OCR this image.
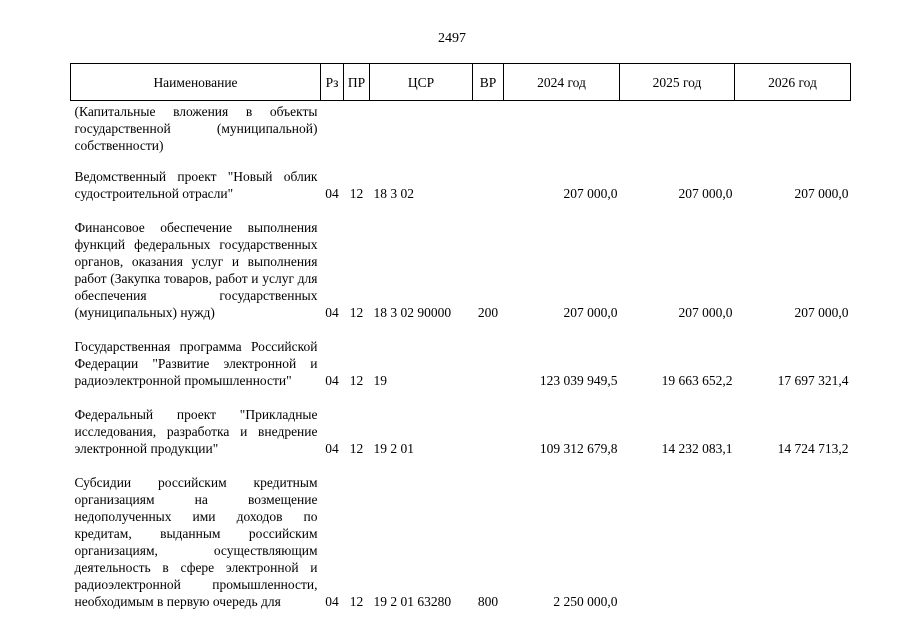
2497
Наименование	Рз	ПР	ЦСР	ВР	2024 год	2025 год	2026 год
(Капитальные вложения в объекты государственной (муниципальной) собственности)							
Ведомственный проект "Новый облик судостроительной отрасли"	04	12	18 3 02		207 000,0	207 000,0	207 000,0
Финансовое обеспечение выполнения функций федеральных государственных органов, оказания услуг и выполнения работ (Закупка товаров, работ и услуг для обеспечения государственных (муниципальных) нужд)	04	12	18 3 02 90000	200	207 000,0	207 000,0	207 000,0
Государственная программа Российской Федерации "Развитие электронной и радиоэлектронной промышленности"	04	12	19		123 039 949,5	19 663 652,2	17 697 321,4
Федеральный проект "Прикладные исследования, разработка и внедрение электронной продукции"	04	12	19 2 01		109 312 679,8	14 232 083,1	14 724 713,2
Субсидии российским кредитным организациям на возмещение недополученных ими доходов по кредитам, выданным российским организациям, осуществляющим деятельность в сфере электронной и радиоэлектронной промышленности, необходимым в первую очередь для	04	12	19 2 01 63280	800	2 250 000,0		
